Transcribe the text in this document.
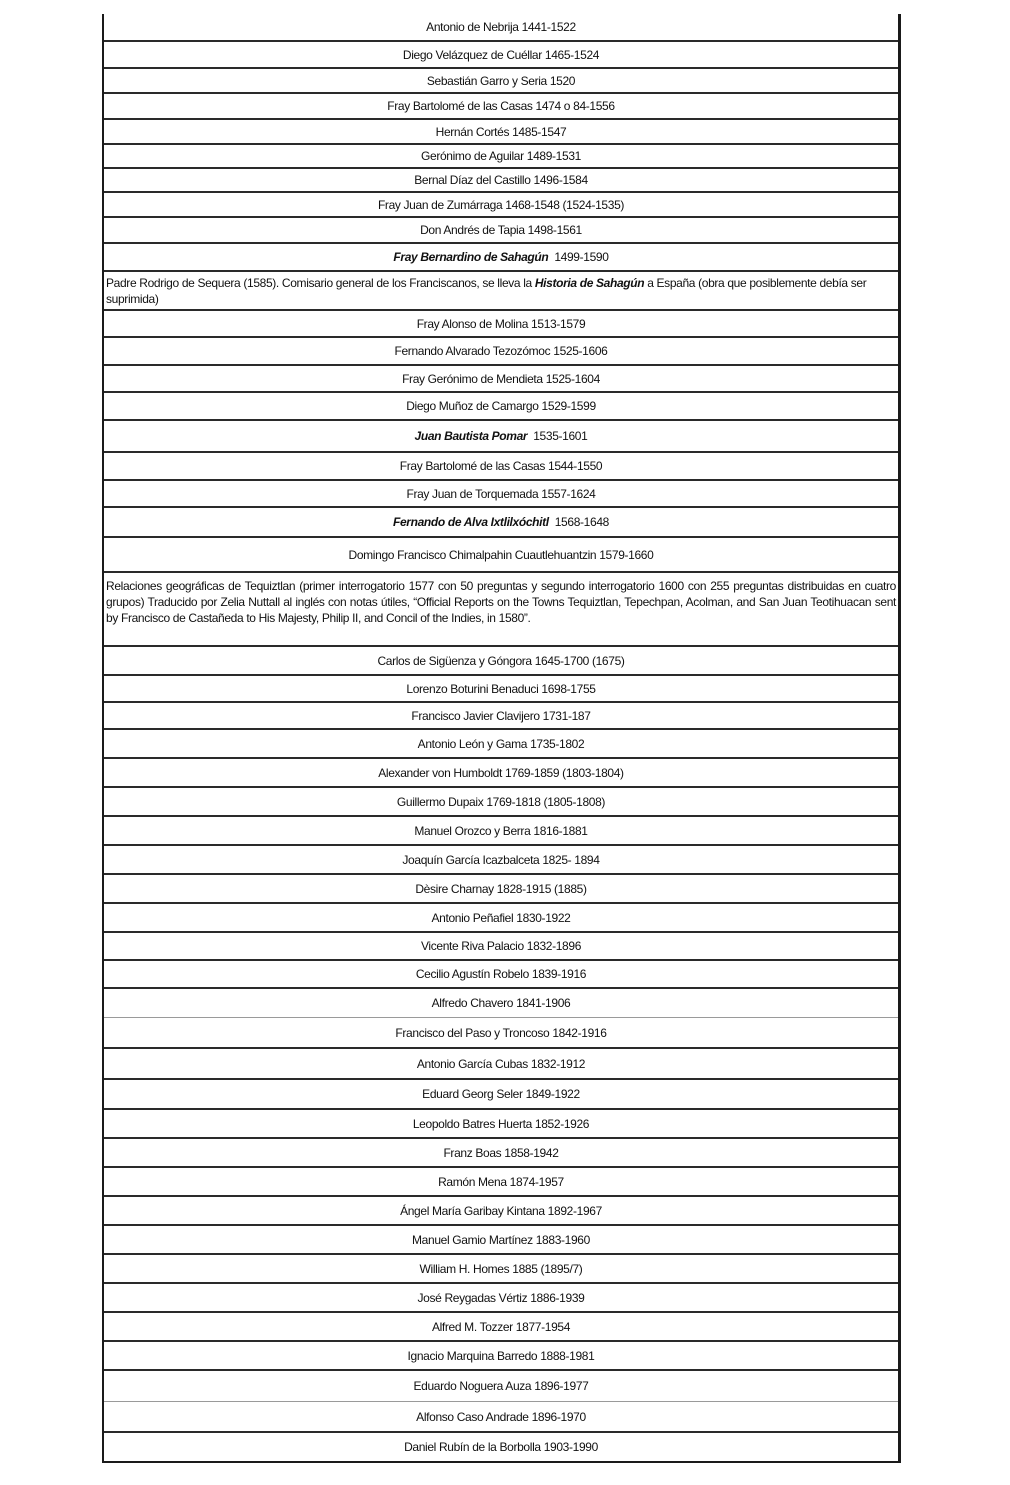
Antonio de Nebrija 1441-1522
Diego Velázquez de Cuéllar 1465-1524
Sebastián Garro y Seria 1520
Fray Bartolomé de las Casas 1474 o 84-1556
Hernán Cortés 1485-1547
Gerónimo de Aguilar 1489-1531
Bernal Díaz del Castillo 1496-1584
Fray Juan de Zumárraga 1468-1548 (1524-1535)
Don Andrés de Tapia 1498-1561
Fray Bernardino de Sahagún 1499-1590
Padre Rodrigo de Sequera (1585). Comisario general de los Franciscanos, se lleva la Historia de Sahagún a España (obra que posiblemente debía ser suprimida)
Fray Alonso de Molina 1513-1579
Fernando Alvarado Tezozómoc 1525-1606
Fray Gerónimo de Mendieta 1525-1604
Diego Muñoz de Camargo 1529-1599
Juan Bautista Pomar 1535-1601
Fray Bartolomé de las Casas 1544-1550
Fray Juan de Torquemada 1557-1624
Fernando de Alva Ixtlilxóchitl 1568-1648
Domingo Francisco Chimalpahin Cuautlehuantzin 1579-1660
Relaciones geográficas de Tequiztlan (primer interrogatorio 1577 con 50 preguntas y segundo interrogatorio 1600 con 255 preguntas distribuidas en cuatro grupos) Traducido por Zelia Nuttall al inglés con notas útiles, “Official Reports on the Towns Tequiztlan, Tepechpan, Acolman, and San Juan Teotihuacan sent by Francisco de Castañeda to His Majesty, Philip II, and Concil of the Indies, in 1580”.
Carlos de Sigüenza y Góngora 1645-1700 (1675)
Lorenzo Boturini Benaduci 1698-1755
Francisco Javier Clavijero 1731-187
Antonio León y Gama 1735-1802
Alexander von Humboldt 1769-1859 (1803-1804)
Guillermo Dupaix 1769-1818 (1805-1808)
Manuel Orozco y Berra 1816-1881
Joaquín García Icazbalceta 1825- 1894
Dèsire Charnay 1828-1915 (1885)
Antonio Peñafiel 1830-1922
Vicente Riva Palacio 1832-1896
Cecilio Agustín Robelo 1839-1916
Alfredo Chavero 1841-1906
Francisco del Paso y Troncoso 1842-1916
Antonio García Cubas 1832-1912
Eduard Georg Seler 1849-1922
Leopoldo Batres Huerta 1852-1926
Franz Boas 1858-1942
Ramón Mena 1874-1957
Ángel María Garibay Kintana 1892-1967
Manuel Gamio Martínez 1883-1960
William H. Homes 1885 (1895/7)
José Reygadas Vértiz 1886-1939
Alfred M. Tozzer 1877-1954
Ignacio Marquina Barredo 1888-1981
Eduardo Noguera Auza 1896-1977
Alfonso Caso Andrade 1896-1970
Daniel Rubín de la Borbolla 1903-1990
